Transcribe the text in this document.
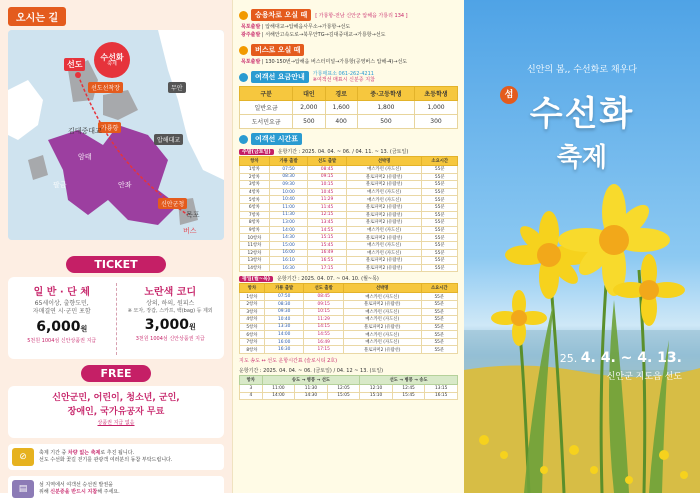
오시는 길
수선화
축제
선도
선도선착장	무안
가룡항
압해대교
김대중대교
암태
팔금	안좌
목포
신안군청
버스
TICKET
일 반 · 단 체
65세이상, 출향도민,
자매결연 시·군민 포함
6,000원
5천원 1004섬 신안상품권 지급
노란색 코디
상의, 하의, 원피스
※ 모자, 장갑, 스카프, 백(bag) 등 제외
3,000원
3천원 1004섬 신안상품권 지급
FREE
신안군민, 어린이, 청소년, 군인,
장애인, 국가유공자 무료
상품권 지급 없음
⊘	축제 기간 중 차량 없는 축제로 추진 됩니다.
선도 수선화 꽃길 걷기를 관광객 여러분의 동참 부탁드립니다.

▤	섬 지역에서 여객선 승선권 발권을
위해 신분증을 반드시 지참해 주세요.

승용차로 오실 때	[ 가룡항-전남 신안군 압해읍 가룡리 134 ]
목포출발 | 압해대교→압해읍사무소→가룡항→선도
광주출발 | 서해안고속도로→북무안TG→김대중대교→가룡항→선도
버스로 오실 때
목포출발 | 130·150번→압해읍 버스터미널→가룡항(공영버스 압해-4)→선도
여객선 요금안내	가룡매표소 061-262-4211
※여객선 매표시 신분증 지참
구분	대인	경로	중·고등학생	초등학생
일반요금	2,000	1,600	1,800	1,000
도서민요금	500	400	500	300
여객선 시간표
주말(금토일) 운항기간 : 2025. 04. 04. ~ 06. / 04. 11. ~ 13. (금토일)
항차	가룡 출발	선도 출발	선박명	소요시간
1항차	07:50	08:45	매스카런 (자도신)	55분
2항차	08:30	09:15	블로파머2 (유람선)	55분
3항차	09:30	10:15	블로파머2 (유람선)	55분
4항차	10:00	10:45	매스카런 (자도신)	55분
5항차	10:40	11:29	매스카런 (자도신)	55분
6항차	11:00	11:45	블로파머2 (유람선)	55분
7항차	11:30	12:15	블로파머2 (유람선)	55분
8항차	13:00	13:45	블로파머2 (유람선)	55분
9항차	14:00	14:55	매스카런 (자도신)	55분
10항차	14:30	15:15	블로파머2 (유람선)	55분
11항차	15:00	15:45	매스카런 (자도신)	55분
12항차	16:00	16:49	매스카런 (자도신)	55분
13항차	16:10	16:55	블로파머2 (유람선)	55분
14항차	16:30	17:15	블로파머2 (유람선)	55분
평일(월~목) 운항기간 : 2025. 04. 07. ~ 04. 10. (월~목)
항차	가룡 출발	선도 출발	선박명	소요시간
1항차	07:50	08:45	매스카런 (자도신)	55분
2항차	08:30	09:15	블로파머2 (유람선)	55분
3항차	09:30	10:15	매스카런 (자도신)	55분
4항차	10:40	11:29	매스카런 (자도신)	55분
5항차	13:30	14:15	블로파머2 (유람선)	55분
6항차	14:00	14:55	매스카런 (자도신)	55분
7항차	16:00	16:49	매스카런 (자도신)	55분
8항차	16:30	17:15	블로파머2 (유람선)	55분
지도 송도 ↔ 선도 운항시간표 (슬로시티 2호)
운항기간 : 2025. 04. 04. ~ 06. (금토일) / 04. 12 ~ 13. (토일)
항차	송도 → 병풍 → 선도			선도 → 병풍 → 송도		
3	11:00	11:30	12:05	12:10	12:45	13:15
4	14:00	14:30	15:05	15:10	15:45	16:15
신안의 봄,, 수선화로 채우다
섬 수선화
축제
25. 4. 4. ~ 4. 13.
신안군 지도읍 선도
